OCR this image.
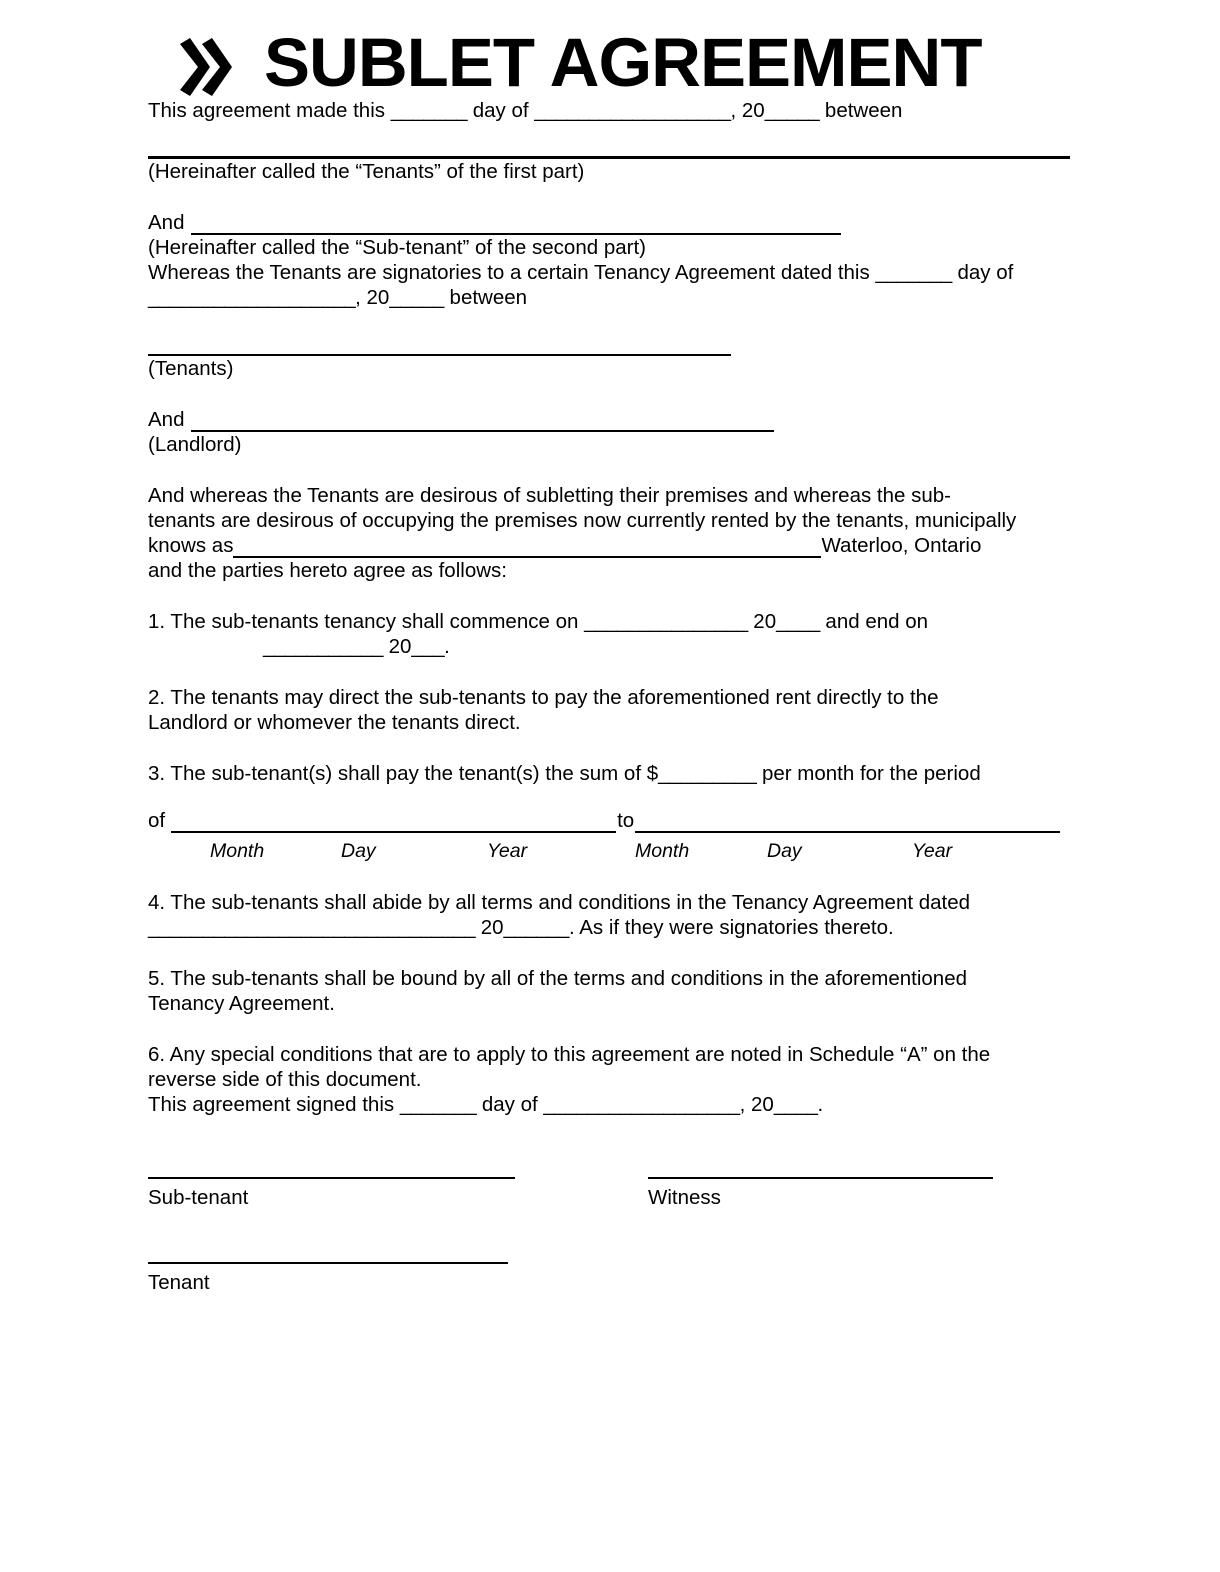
SUBLET AGREEMENT

This agreement made this _______ day of __________________, 20_____ between

(Hereinafter called the “Tenants” of the first part)

And

(Hereinafter called the “Sub-tenant” of the second part)

Whereas the Tenants are signatories to a certain Tenancy Agreement dated this _______ day of

___________________, 20_____ between

(Tenants)

And

(Landlord)

And whereas the Tenants are desirous of subletting their premises and whereas the sub-

tenants are desirous of occupying the premises now currently rented by the tenants, municipally

knows as	Waterloo, Ontario

and the parties hereto agree as follows:

1. The sub-tenants tenancy shall commence on _______________ 20____ and end on

___________ 20___.

2. The tenants may direct the sub-tenants to pay the aforementioned rent directly to the

Landlord or whomever the tenants direct.

3. The sub-tenant(s) shall pay the tenant(s) the sum of $_________ per month for the period

of	to
Month	Day	Year	Month	Day	Year

4. The sub-tenants shall abide by all terms and conditions in the Tenancy Agreement dated

______________________________ 20______. As if they were signatories thereto.

5. The sub-tenants shall be bound by all of the terms and conditions in the aforementioned

Tenancy Agreement.

6. Any special conditions that are to apply to this agreement are noted in Schedule “A” on the

reverse side of this document.

This agreement signed this _______ day of __________________, 20____.

Sub-tenant	Witness
Tenant
